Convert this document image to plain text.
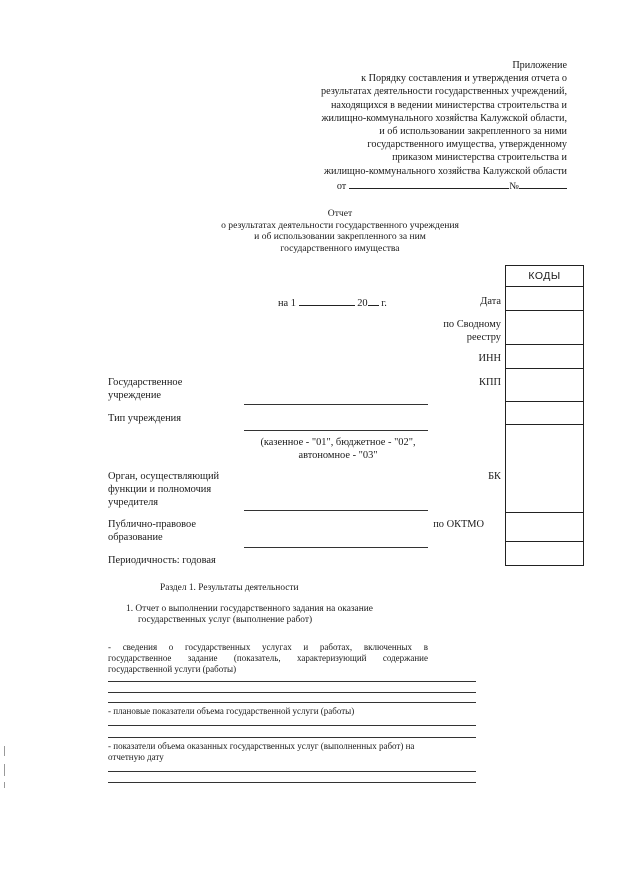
Приложение
к Порядку составления и утверждения отчета о
результатах деятельности государственных учреждений,
находящихся в ведении министерства строительства и
жилищно-коммунального хозяйства Калужской области,
и об использовании закрепленного за ними
государственного имущества, утвержденному
приказом министерства строительства и
жилищно-коммунального хозяйства Калужской области
от	№
Отчет
о результатах деятельности государственного учреждения
и об использовании закрепленного за ним
государственного имущества
КОДЫ
Дата
по Сводному
реестру
ИНН
КПП
БК
по ОКТМО
на 1	20 г.
Государственное
учреждение
Тип учреждения
(казенное - "01", бюджетное - "02",
автономное - "03"
Орган, осуществляющий
функции и полномочия
учредителя
Публично-правовое
образование
Периодичность: годовая
Раздел 1. Результаты деятельности
1. Отчет о выполнении государственного задания на оказание
государственных услуг (выполнение работ)
- сведения о государственных услугах и работах, включенных в
государственное задание (показатель, характеризующий содержание
государственной услуги (работы)
- плановые показатели объема государственной услуги (работы)
- показатели объема оказанных государственных услуг (выполненных работ) на
отчетную дату
